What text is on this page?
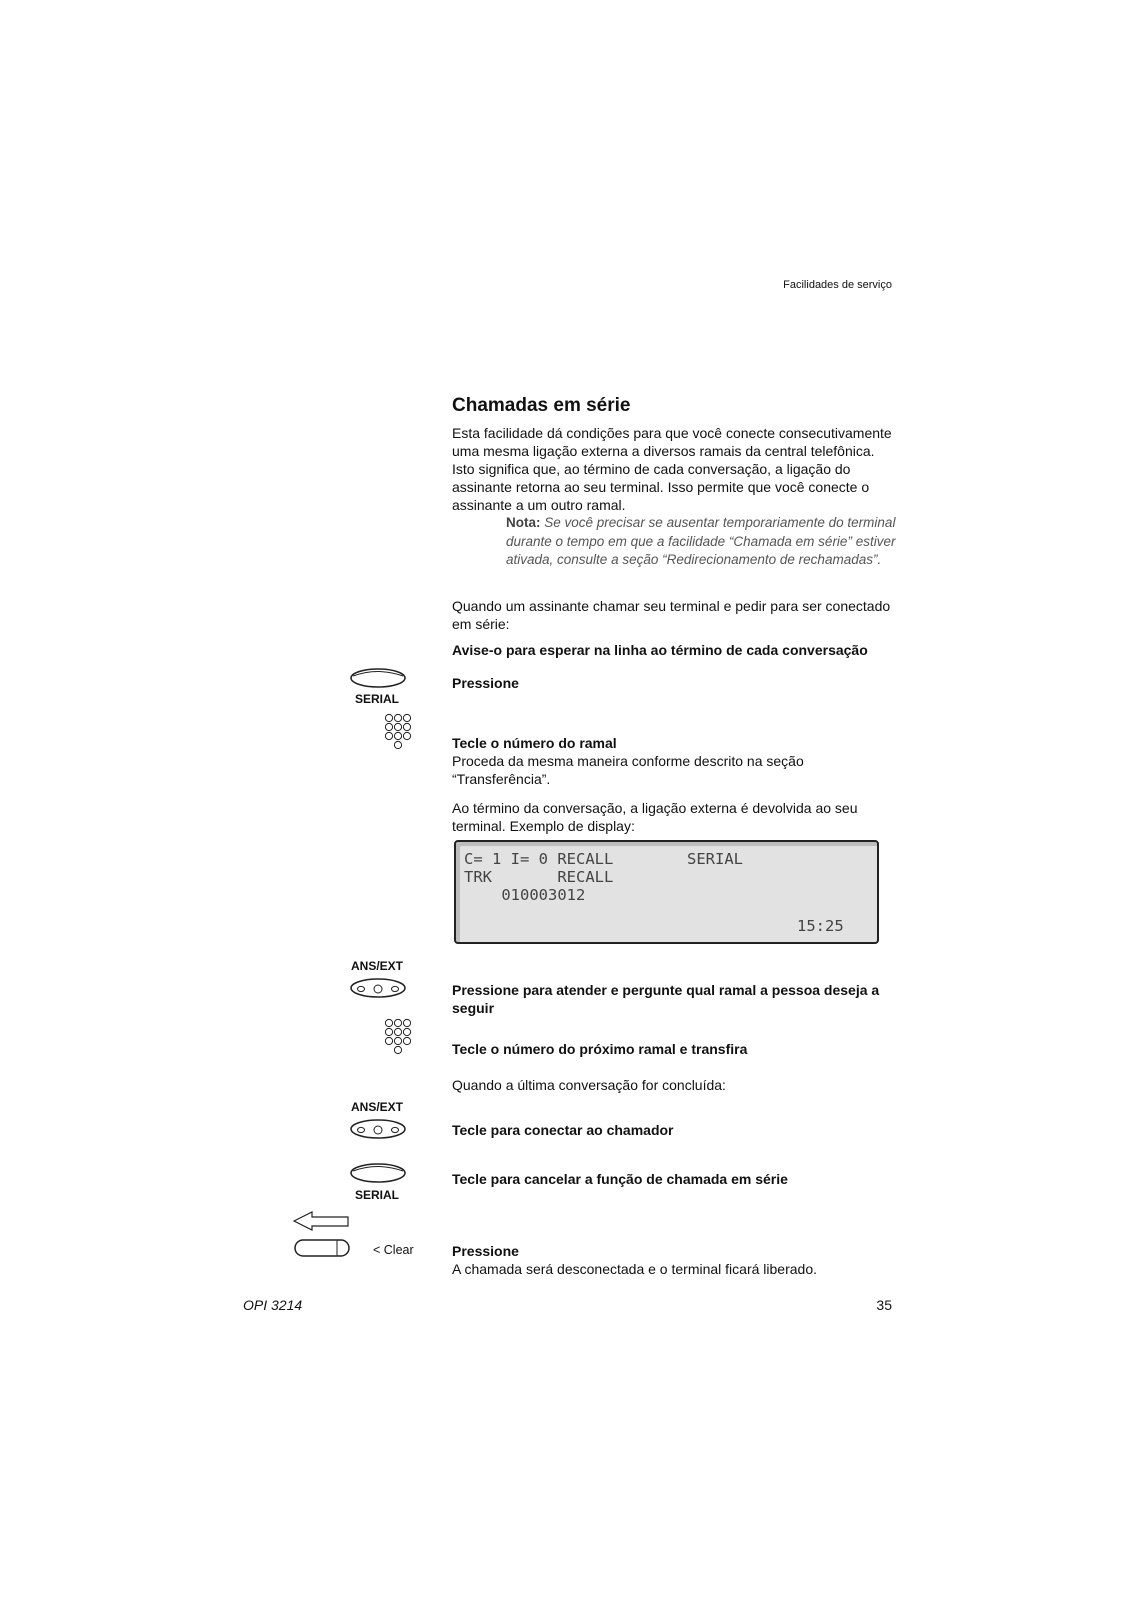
Facilidades de serviço
Chamadas em série

Esta facilidade dá condições para que você conecte consecutivamente uma mesma ligação externa a diversos ramais da central telefônica. Isto significa que, ao término de cada conversação, a ligação do assinante retorna ao seu terminal. Isso permite que você conecte o assinante a um outro ramal.

Nota: Se você precisar se ausentar temporariamente do terminal durante o tempo em que a facilidade “Chamada em série” estiver ativada, consulte a seção “Redirecionamento de rechamadas”.

Quando um assinante chamar seu terminal e pedir para ser conectado em série:

Avise-o para esperar na linha ao término de cada conversação

SERIAL

Pressione

Tecle o número do ramal

Proceda da mesma maneira conforme descrito na seção “Transferência”.

Ao término da conversação, a ligação externa é devolvida ao seu terminal. Exemplo de display:

C= 1 I= 0 RECALL	SERIAL
TRK       RECALL
010003012
15:25
ANS/EXT

Pressione para atender e pergunte qual ramal a pessoa deseja a seguir

Tecle o número do próximo ramal e transfira

Quando a última conversação for concluída:

ANS/EXT

Tecle para conectar ao chamador

SERIAL

Tecle para cancelar a função de chamada em série

< Clear	Pressione

A chamada será desconectada e o terminal ficará liberado.

OPI 3214	35
